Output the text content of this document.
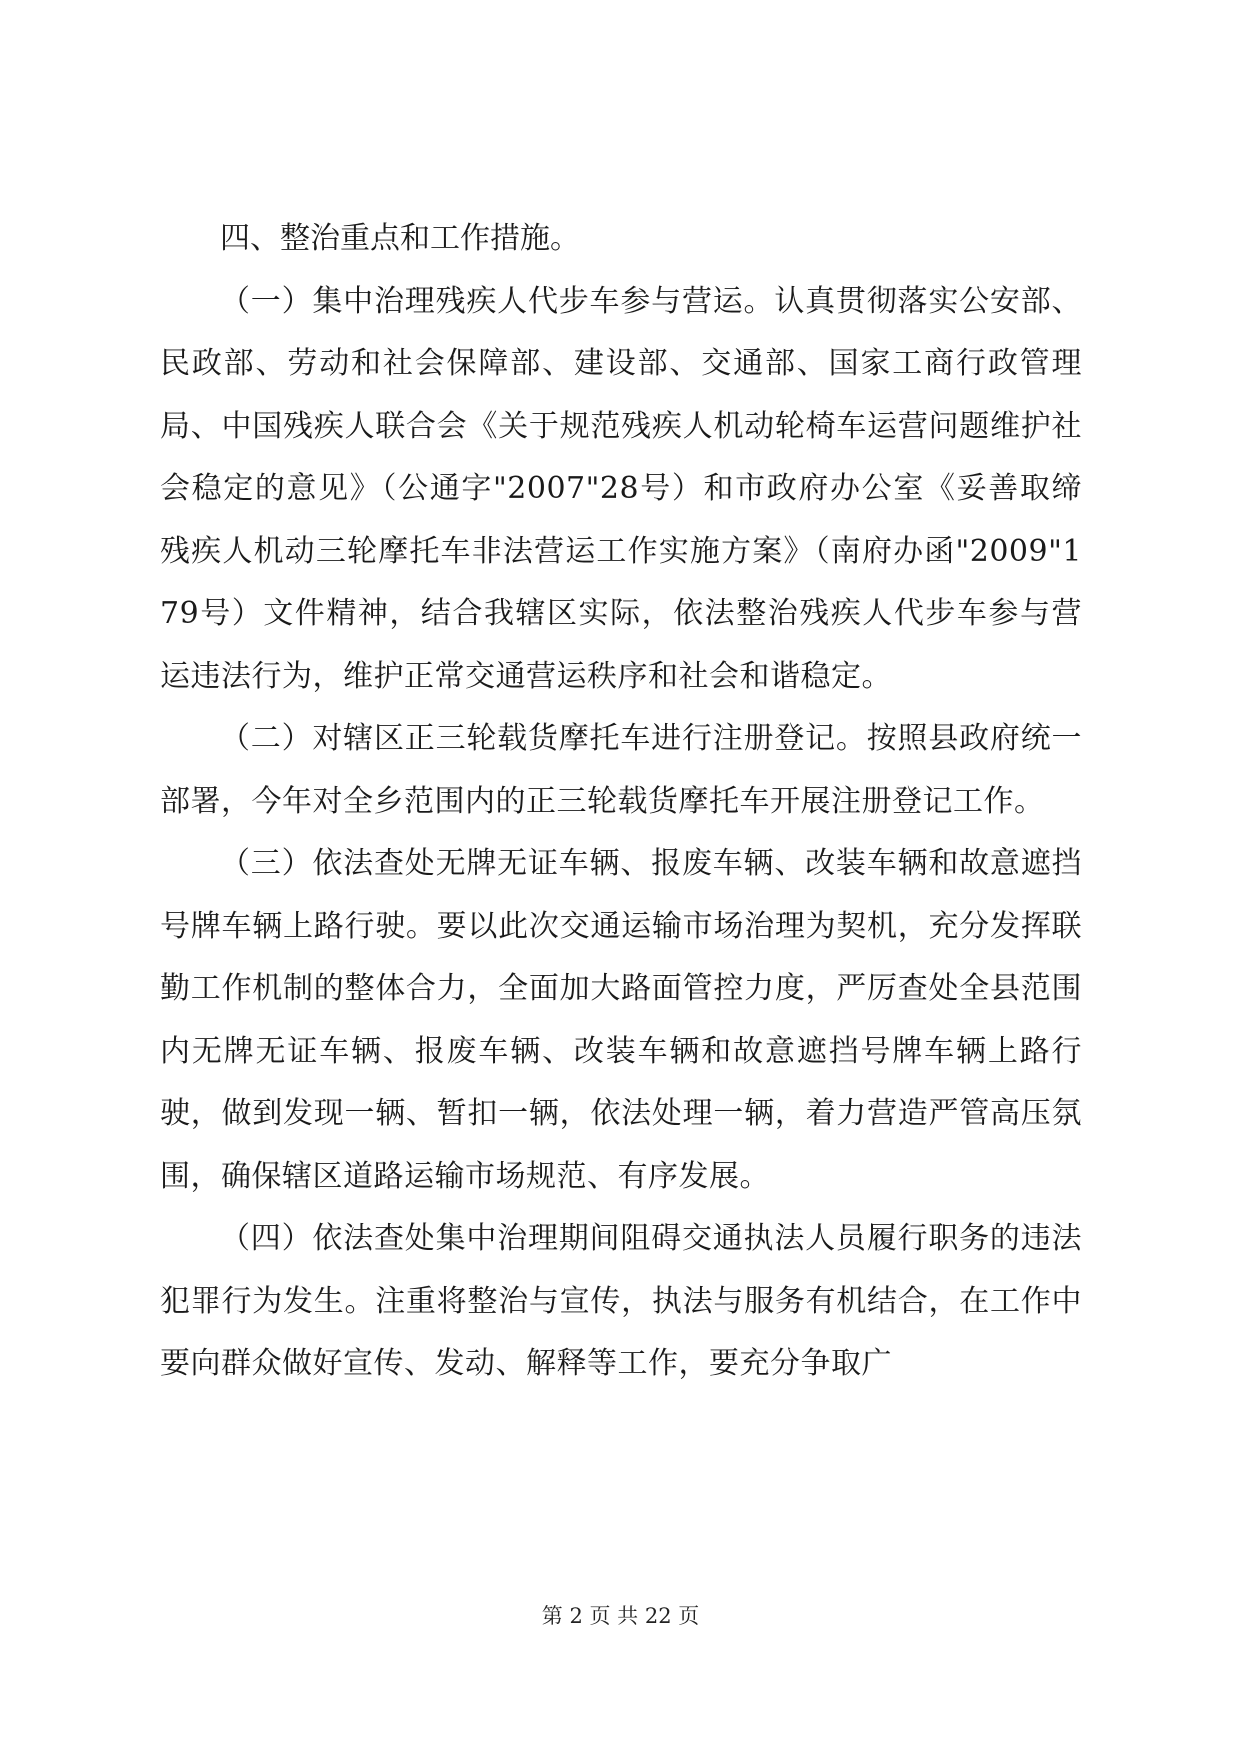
四、整治重点和工作措施。

（一）集中治理残疾人代步车参与营运。认真贯彻落实公安部、民政部、劳动和社会保障部、建设部、交通部、国家工商行政管理局、中国残疾人联合会《关于规范残疾人机动轮椅车运营问题维护社会稳定的意见》（公通字"2007"28号）和市政府办公室《妥善取缔残疾人机动三轮摩托车非法营运工作实施方案》（南府办函"2009"179号）文件精神，结合我辖区实际，依法整治残疾人代步车参与营运违法行为，维护正常交通营运秩序和社会和谐稳定。

（二）对辖区正三轮载货摩托车进行注册登记。按照县政府统一部署，今年对全乡范围内的正三轮载货摩托车开展注册登记工作。

（三）依法查处无牌无证车辆、报废车辆、改装车辆和故意遮挡号牌车辆上路行驶。要以此次交通运输市场治理为契机，充分发挥联勤工作机制的整体合力，全面加大路面管控力度，严厉查处全县范围内无牌无证车辆、报废车辆、改装车辆和故意遮挡号牌车辆上路行驶，做到发现一辆、暂扣一辆，依法处理一辆，着力营造严管高压氛围，确保辖区道路运输市场规范、有序发展。

（四）依法查处集中治理期间阻碍交通执法人员履行职务的违法犯罪行为发生。注重将整治与宣传，执法与服务有机结合，在工作中要向群众做好宣传、发动、解释等工作，要充分争取广

第 2 页 共 22 页
